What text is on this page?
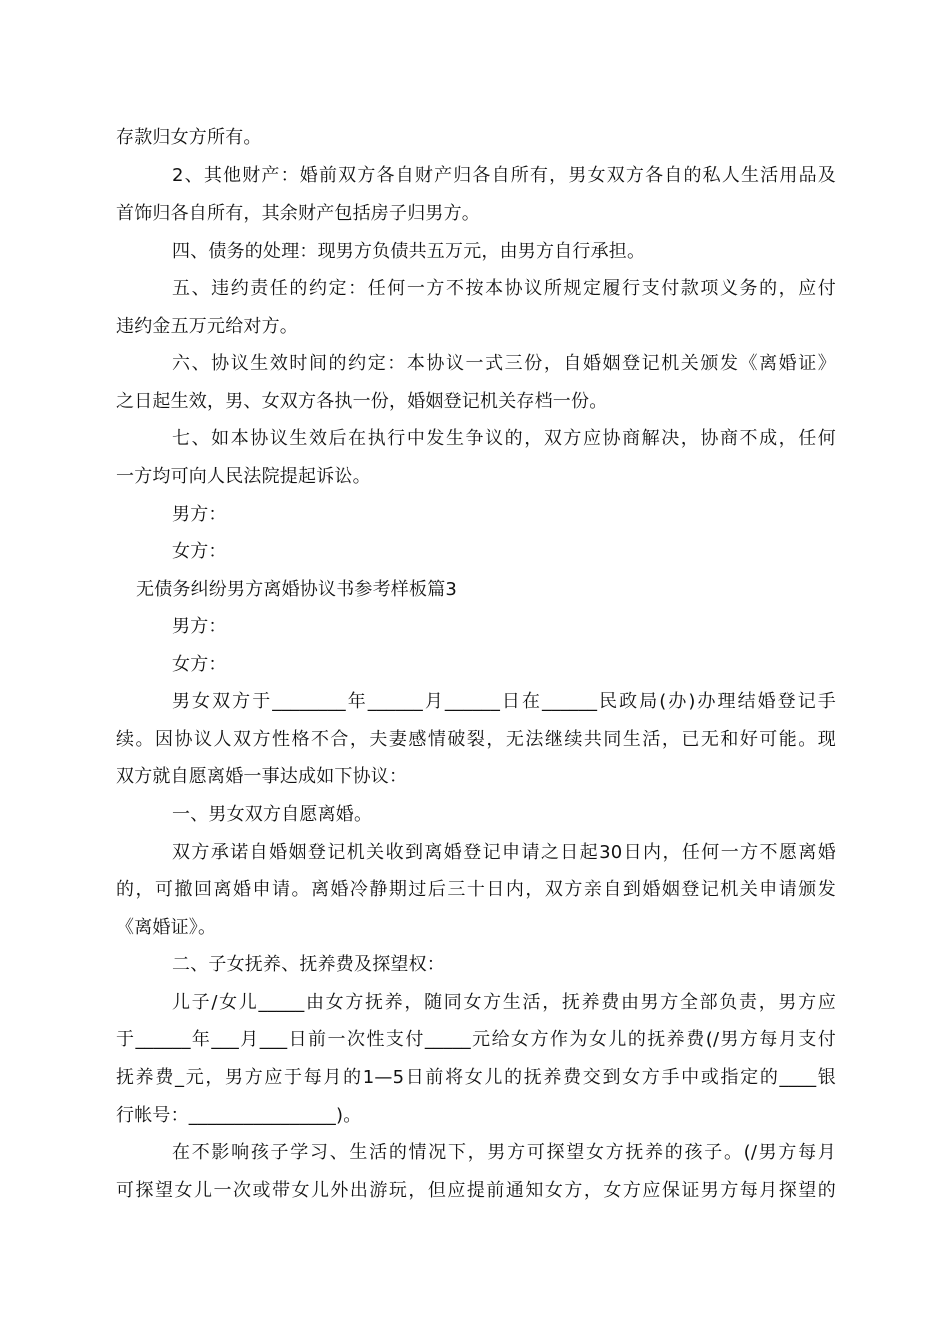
存款归女方所有。
2、其他财产：婚前双方各自财产归各自所有，男女双方各自的私人生活用品及
首饰归各自所有，其余财产包括房子归男方。
四、债务的处理：现男方负债共五万元，由男方自行承担。
五、违约责任的约定：任何一方不按本协议所规定履行支付款项义务的，应付
违约金五万元给对方。
六、协议生效时间的约定：本协议一式三份，自婚姻登记机关颁发《离婚证》
之日起生效，男、女双方各执一份，婚姻登记机关存档一份。
七、如本协议生效后在执行中发生争议的，双方应协商解决，协商不成，任何
一方均可向人民法院提起诉讼。
男方：
女方：
无债务纠纷男方离婚协议书参考样板篇3
男方：
女方：
男女双方于________年______月______日在______民政局(办)办理结婚登记手
续。因协议人双方性格不合，夫妻感情破裂，无法继续共同生活，已无和好可能。现
双方就自愿离婚一事达成如下协议：
一、男女双方自愿离婚。
双方承诺自婚姻登记机关收到离婚登记申请之日起30日内，任何一方不愿离婚
的，可撤回离婚申请。离婚冷静期过后三十日内，双方亲自到婚姻登记机关申请颁发
《离婚证》。
二、子女抚养、抚养费及探望权：
儿子/女儿_____由女方抚养，随同女方生活，抚养费由男方全部负责，男方应
于______年___月___日前一次性支付_____元给女方作为女儿的抚养费(/男方每月支付
抚养费_元，男方应于每月的1—5日前将女儿的抚养费交到女方手中或指定的____银
行帐号：________________)。
在不影响孩子学习、生活的情况下，男方可探望女方抚养的孩子。(/男方每月
可探望女儿一次或带女儿外出游玩，但应提前通知女方，女方应保证男方每月探望的
